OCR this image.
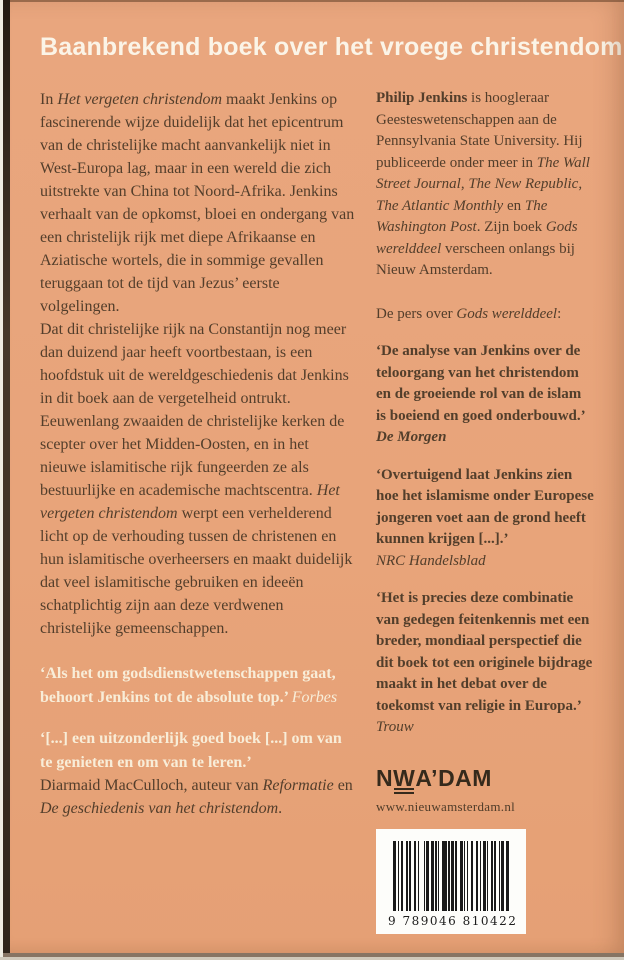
Baanbrekend boek over het vroege christendom

In Het vergeten christendom maakt Jenkins op fascinerende wijze duidelijk dat het epicentrum van de christelijke macht aanvankelijk niet in West-Europa lag, maar in een wereld die zich uitstrekte van China tot Noord-Afrika. Jenkins verhaalt van de opkomst, bloei en ondergang van een christelijk rijk met diepe Afrikaanse en Aziatische wortels, die in sommige gevallen teruggaan tot de tijd van Jezus’ eerste volgelingen.

Dat dit christelijke rijk na Constantijn nog meer dan duizend jaar heeft voortbestaan, is een hoofdstuk uit de wereldgeschiedenis dat Jenkins in dit boek aan de vergetelheid ontrukt. Eeuwenlang zwaaiden de christelijke kerken de scepter over het Midden-Oosten, en in het nieuwe islamitische rijk fungeerden ze als bestuurlijke en academische machtscentra. Het vergeten christendom werpt een verhelderend licht op de verhouding tussen de christenen en hun islamitische overheersers en maakt duidelijk dat veel islamitische gebruiken en ideeën schatplichtig zijn aan deze verdwenen christelijke gemeenschappen.

‘Als het om godsdienstwetenschappen gaat, behoort Jenkins tot de absolute top.’ Forbes

‘[...] een uitzonderlijk goed boek [...] om van te genieten en om van te leren.’

Diarmaid MacCulloch, auteur van Reformatie en De geschiedenis van het christendom.

Philip Jenkins is hoogleraar Geesteswetenschappen aan de Pennsylvania State University. Hij publiceerde onder meer in The Wall Street Journal, The New Republic, The Atlantic Monthly en The Washington Post. Zijn boek Gods werelddeel verscheen onlangs bij Nieuw Amsterdam.

De pers over Gods werelddeel:

‘De analyse van Jenkins over de teloorgang van het christendom en de groeiende rol van de islam is boeiend en goed onderbouwd.’
De Morgen

‘Overtuigend laat Jenkins zien hoe het islamisme onder Europese jongeren voet aan de grond heeft kunnen krijgen [...].’
NRC Handelsblad

‘Het is precies deze combinatie van gedegen feitenkennis met een breder, mondiaal perspectief die dit boek tot een originele bijdrage maakt in het debat over de toekomst van religie in Europa.’ Trouw

NWA’DAM
www.nieuwamsterdam.nl
9 789046 810422
